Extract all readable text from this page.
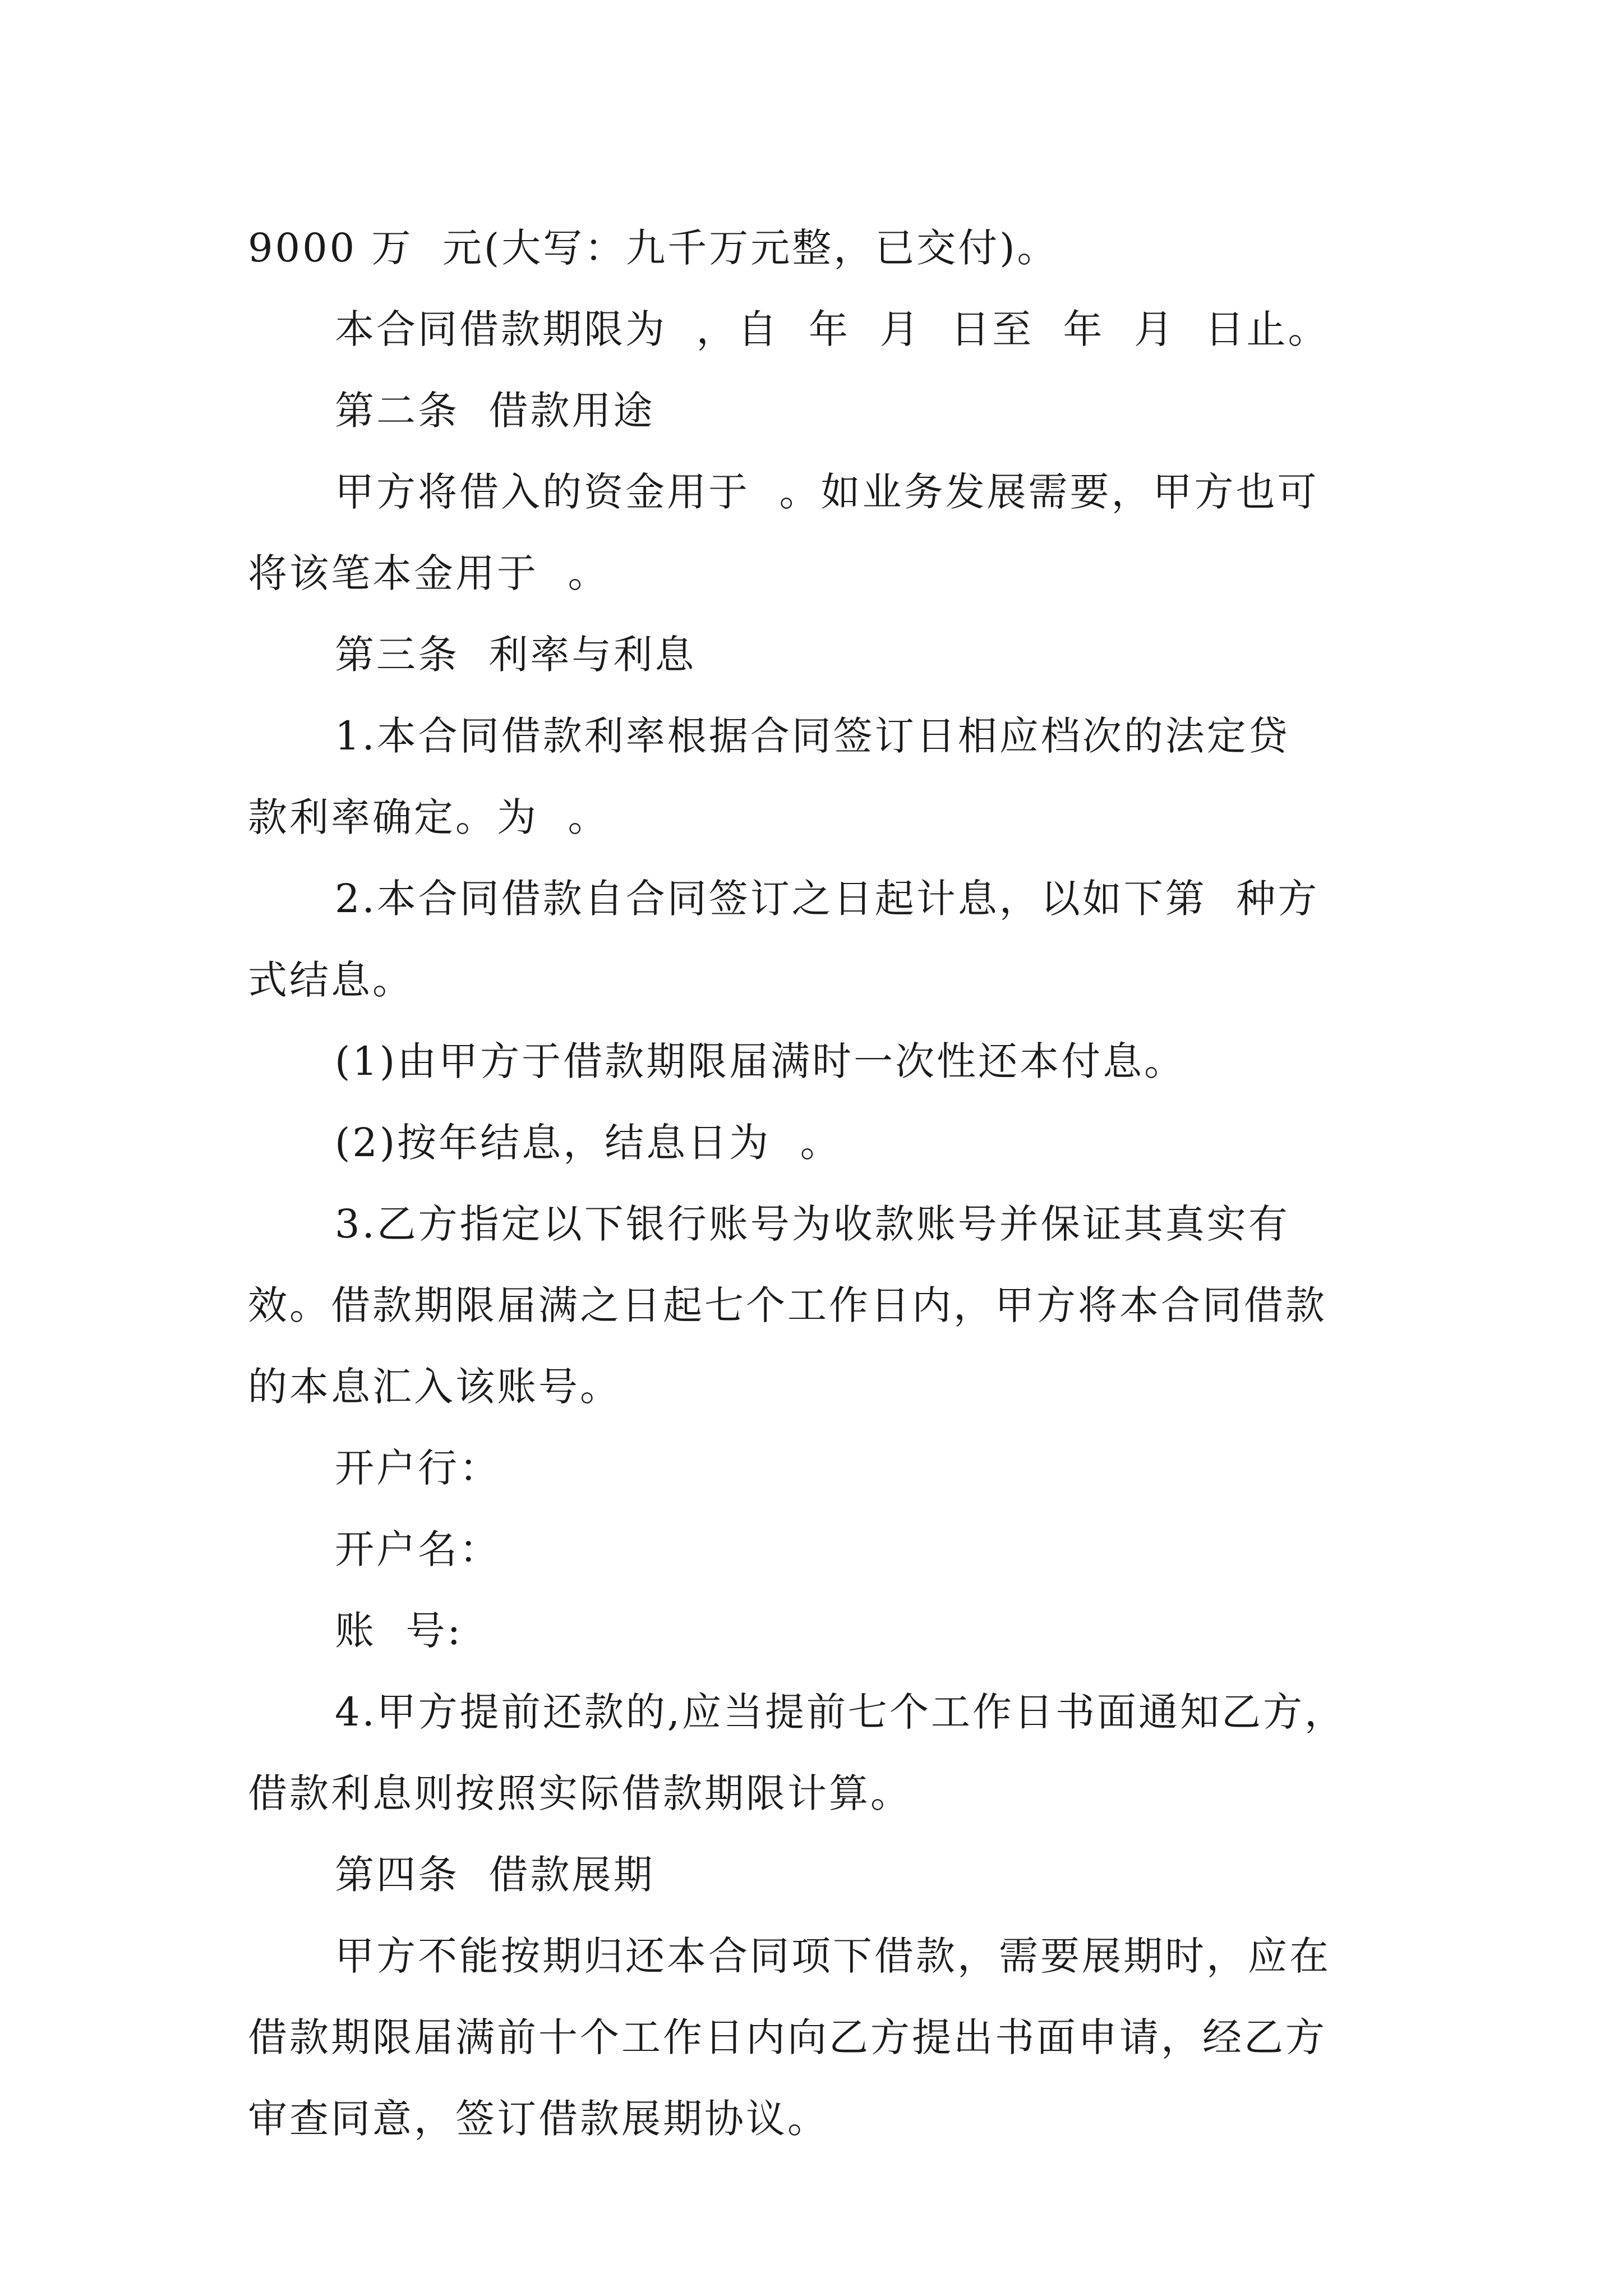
9000 万  元(大写：九千万元整，已交付)。
本合同借款期限为  ，自  年  月  日至  年  月  日止。
第二条  借款用途
甲方将借入的资金用于  。如业务发展需要，甲方也可
将该笔本金用于  。
第三条  利率与利息
1.本合同借款利率根据合同签订日相应档次的法定贷
款利率确定。为  。
2.本合同借款自合同签订之日起计息，以如下第  种方
式结息。
(1)由甲方于借款期限届满时一次性还本付息。
(2)按年结息，结息日为  。
3.乙方指定以下银行账号为收款账号并保证其真实有
效。借款期限届满之日起七个工作日内，甲方将本合同借款
的本息汇入该账号。
开户行：
开户名：
账  号:
4.甲方提前还款的,应当提前七个工作日书面通知乙方，
借款利息则按照实际借款期限计算。
第四条  借款展期
甲方不能按期归还本合同项下借款，需要展期时，应在
借款期限届满前十个工作日内向乙方提出书面申请，经乙方
审查同意，签订借款展期协议。
